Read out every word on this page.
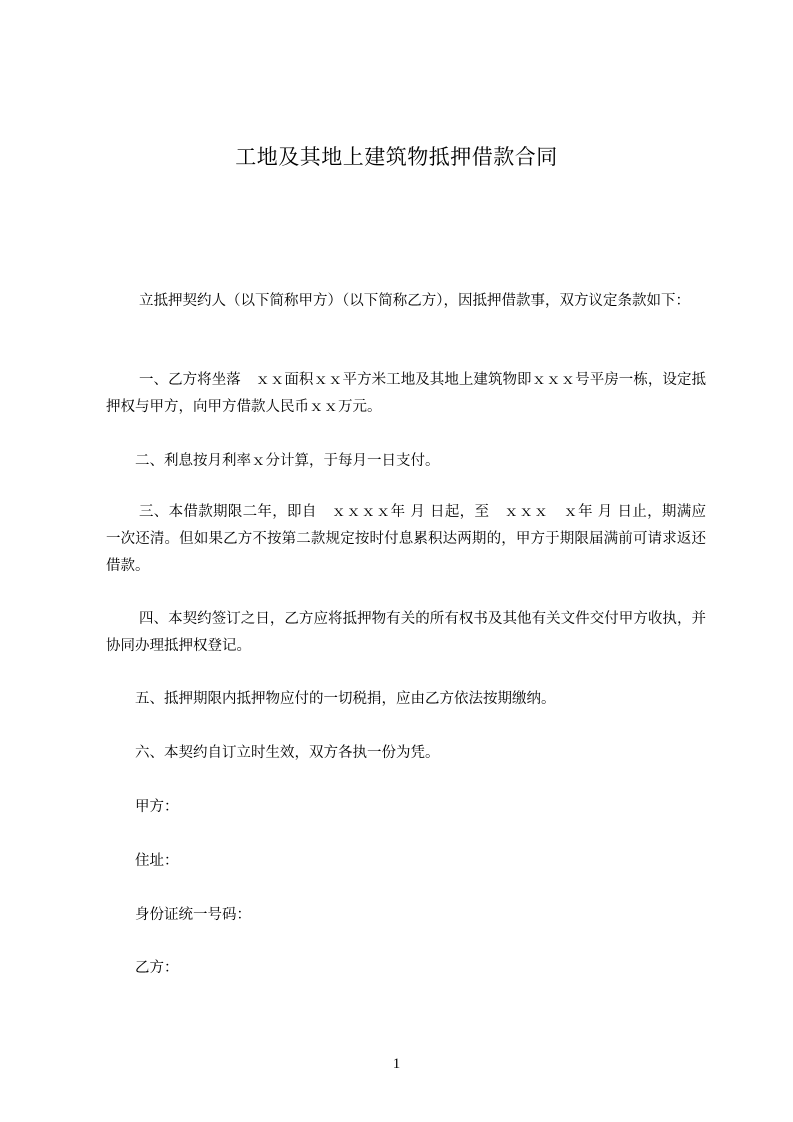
工地及其地上建筑物抵押借款合同

立抵押契约人（以下简称甲方）（以下简称乙方），因抵押借款事，双方议定条款如下：

一、乙方将坐落　ｘｘ面积ｘｘ平方米工地及其地上建筑物即ｘｘｘ号平房一栋，设定抵押权与甲方，向甲方借款人民币ｘｘ万元。

二、利息按月利率ｘ分计算，于每月一日支付。

三、本借款期限二年，即自　ｘｘｘｘ年 月 日起，至　ｘｘｘ　ｘ年 月 日止，期满应一次还清。但如果乙方不按第二款规定按时付息累积达两期的，甲方于期限届满前可请求返还借款。

四、本契约签订之日，乙方应将抵押物有关的所有权书及其他有关文件交付甲方收执，并协同办理抵押权登记。

五、抵押期限内抵押物应付的一切税捐，应由乙方依法按期缴纳。

六、本契约自订立时生效，双方各执一份为凭。

甲方：

住址：

身份证统一号码：

乙方：

1
